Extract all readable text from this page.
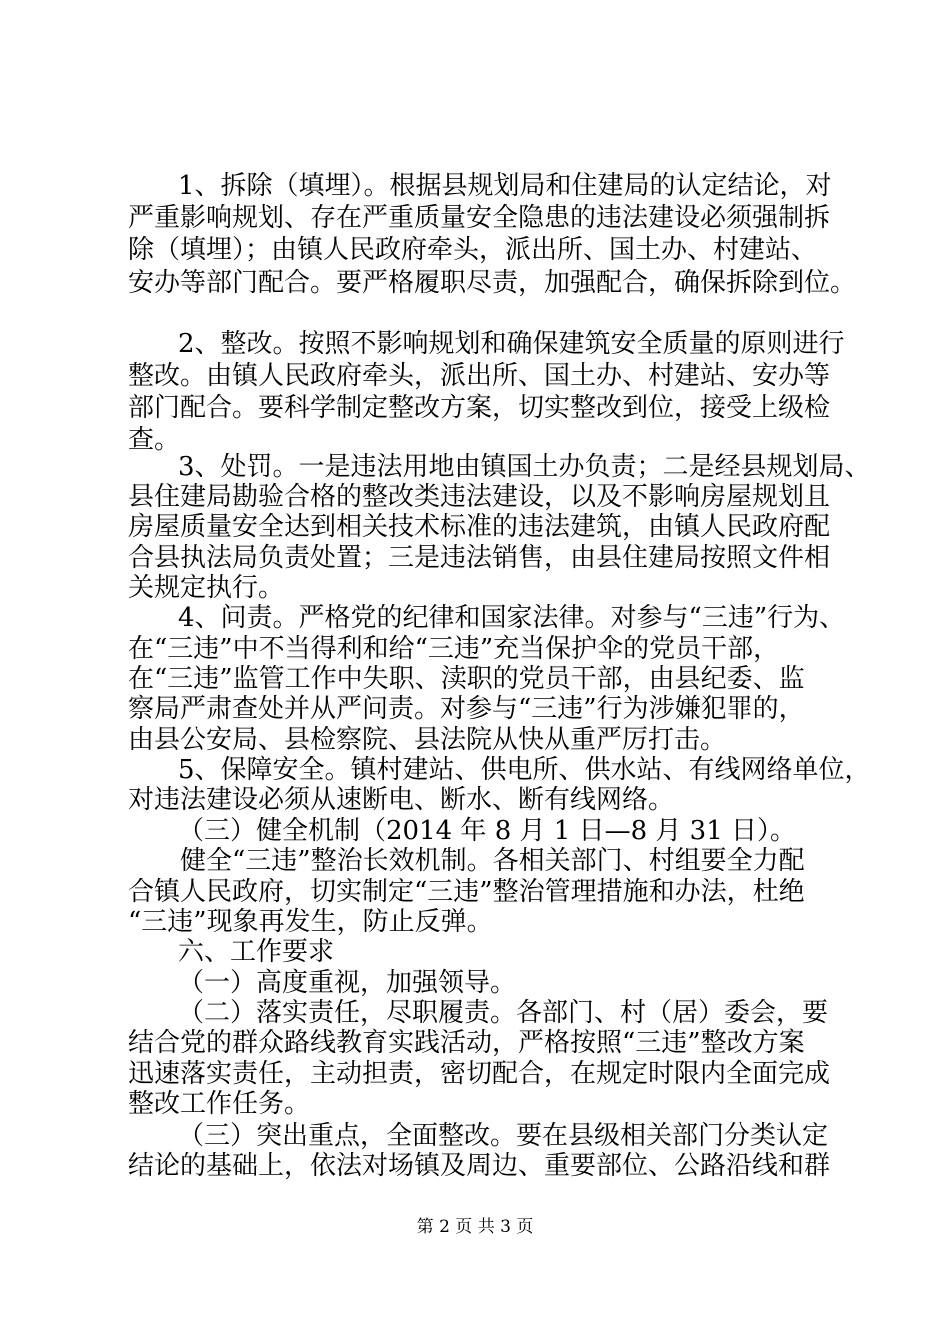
1、拆除（填埋）。根据县规划局和住建局的认定结论，对
严重影响规划、存在严重质量安全隐患的违法建设必须强制拆
除（填埋）；由镇人民政府牵头，派出所、国土办、村建站、
安办等部门配合。要严格履职尽责，加强配合，确保拆除到位。
2、整改。按照不影响规划和确保建筑安全质量的原则进行
整改。由镇人民政府牵头，派出所、国土办、村建站、安办等
部门配合。要科学制定整改方案，切实整改到位，接受上级检
查。
3、处罚。一是违法用地由镇国土办负责；二是经县规划局、
县住建局勘验合格的整改类违法建设，以及不影响房屋规划且
房屋质量安全达到相关技术标准的违法建筑，由镇人民政府配
合县执法局负责处置；三是违法销售，由县住建局按照文件相
关规定执行。
4、问责。严格党的纪律和国家法律。对参与“三违”行为、
在“三违”中不当得利和给“三违”充当保护伞的党员干部，
在“三违”监管工作中失职、渎职的党员干部，由县纪委、监
察局严肃查处并从严问责。对参与“三违”行为涉嫌犯罪的，
由县公安局、县检察院、县法院从快从重严厉打击。
5、保障安全。镇村建站、供电所、供水站、有线网络单位，
对违法建设必须从速断电、断水、断有线网络。
（三）健全机制（2014 年 8 月 1 日—8 月 31 日）。
健全“三违”整治长效机制。各相关部门、村组要全力配
合镇人民政府，切实制定“三违”整治管理措施和办法，杜绝
“三违”现象再发生，防止反弹。
六、工作要求
（一）高度重视，加强领导。
（二）落实责任，尽职履责。各部门、村（居）委会，要
结合党的群众路线教育实践活动，严格按照“三违”整改方案
迅速落实责任，主动担责，密切配合，在规定时限内全面完成
整改工作任务。
（三）突出重点，全面整改。要在县级相关部门分类认定
结论的基础上，依法对场镇及周边、重要部位、公路沿线和群
第 2 页 共 3 页
